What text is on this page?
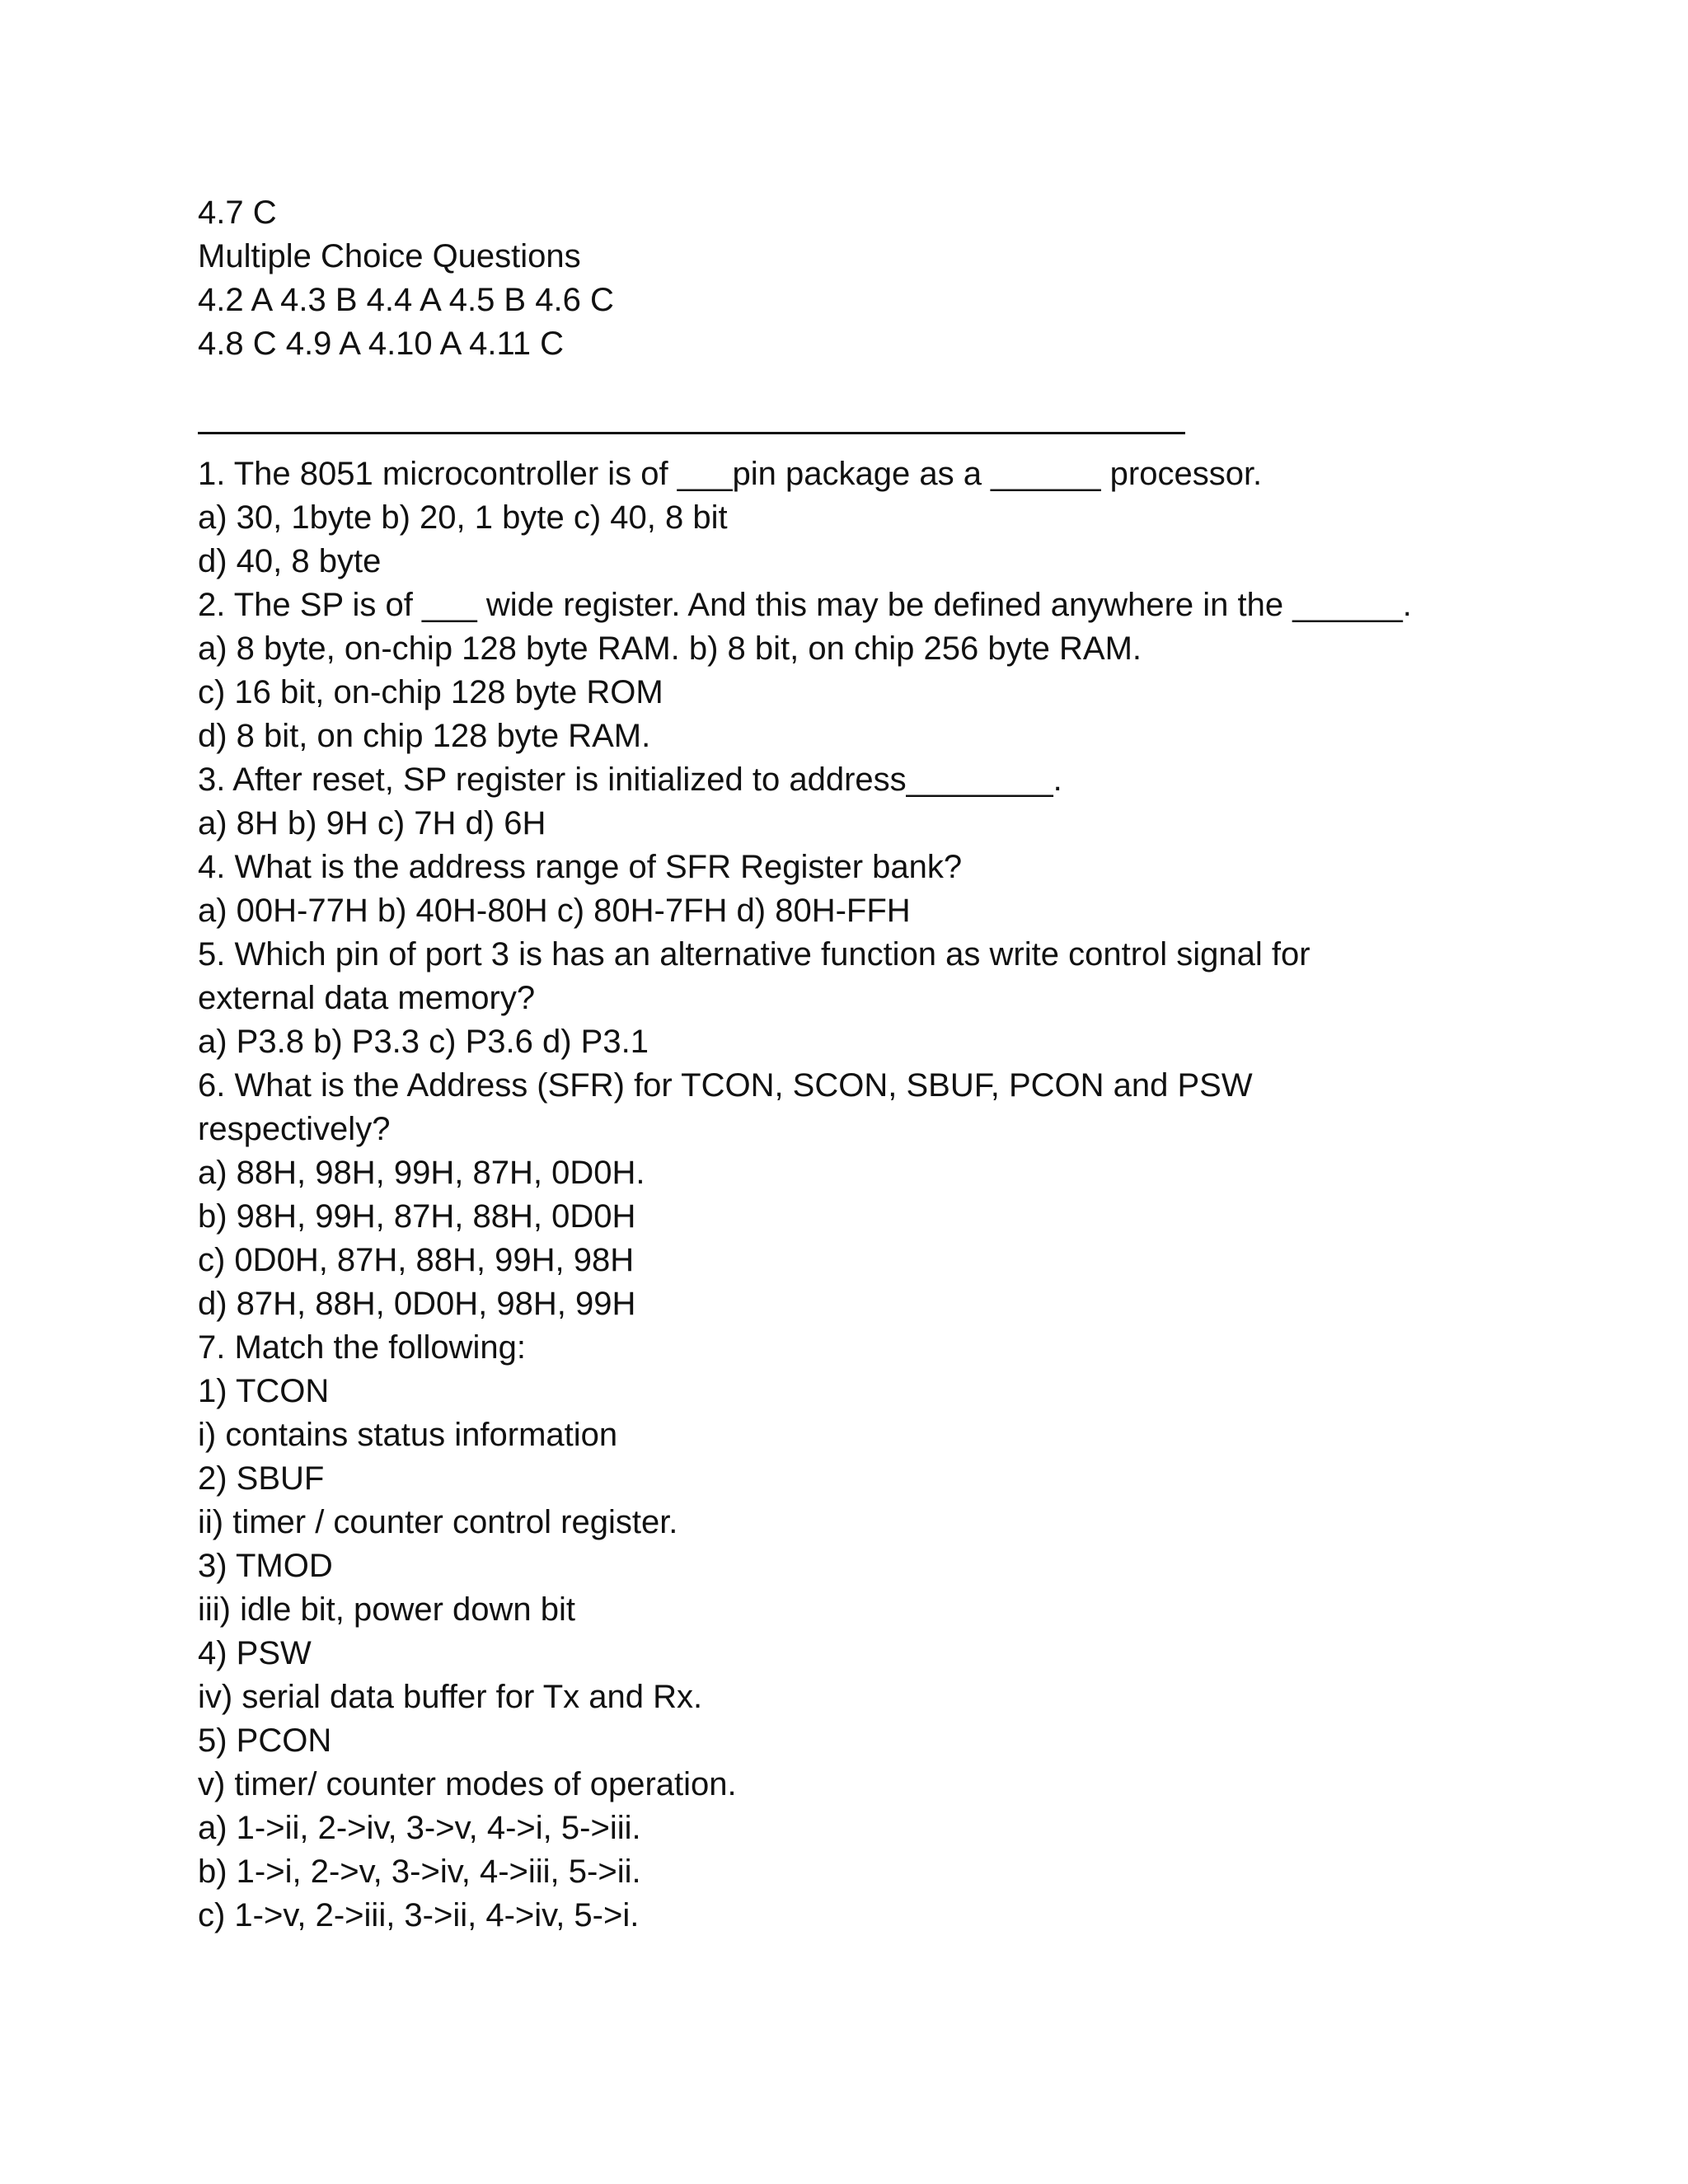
4.7 C

Multiple Choice Questions

4.2 A 4.3 B 4.4 A 4.5 B 4.6 C

4.8 C 4.9 A 4.10 A 4.11 C

1. The 8051 microcontroller is of ___pin package as a ______ processor.

a) 30, 1byte b) 20, 1 byte c) 40, 8 bit

d) 40, 8 byte

2. The SP is of ___ wide register. And this may be defined anywhere in the ______.

a) 8 byte, on-chip 128 byte RAM. b) 8 bit, on chip 256 byte RAM.

c) 16 bit, on-chip 128 byte ROM

d) 8 bit, on chip 128 byte RAM.

3. After reset, SP register is initialized to address________.

a) 8H b) 9H c) 7H d) 6H

4. What is the address range of SFR Register bank?

a) 00H-77H b) 40H-80H c) 80H-7FH d) 80H-FFH

5. Which pin of port 3 is has an alternative function as write control signal for

external data memory?

a) P3.8 b) P3.3 c) P3.6 d) P3.1

6. What is the Address (SFR) for TCON, SCON, SBUF, PCON and PSW

respectively?

a) 88H, 98H, 99H, 87H, 0D0H.

b) 98H, 99H, 87H, 88H, 0D0H

c) 0D0H, 87H, 88H, 99H, 98H

d) 87H, 88H, 0D0H, 98H, 99H

7. Match the following:

1) TCON

i) contains status information

2) SBUF

ii) timer / counter control register.

3) TMOD

iii) idle bit, power down bit

4) PSW

iv) serial data buffer for Tx and Rx.

5) PCON

v) timer/ counter modes of operation.

a) 1->ii, 2->iv, 3->v, 4->i, 5->iii.

b) 1->i, 2->v, 3->iv, 4->iii, 5->ii.

c) 1->v, 2->iii, 3->ii, 4->iv, 5->i.
